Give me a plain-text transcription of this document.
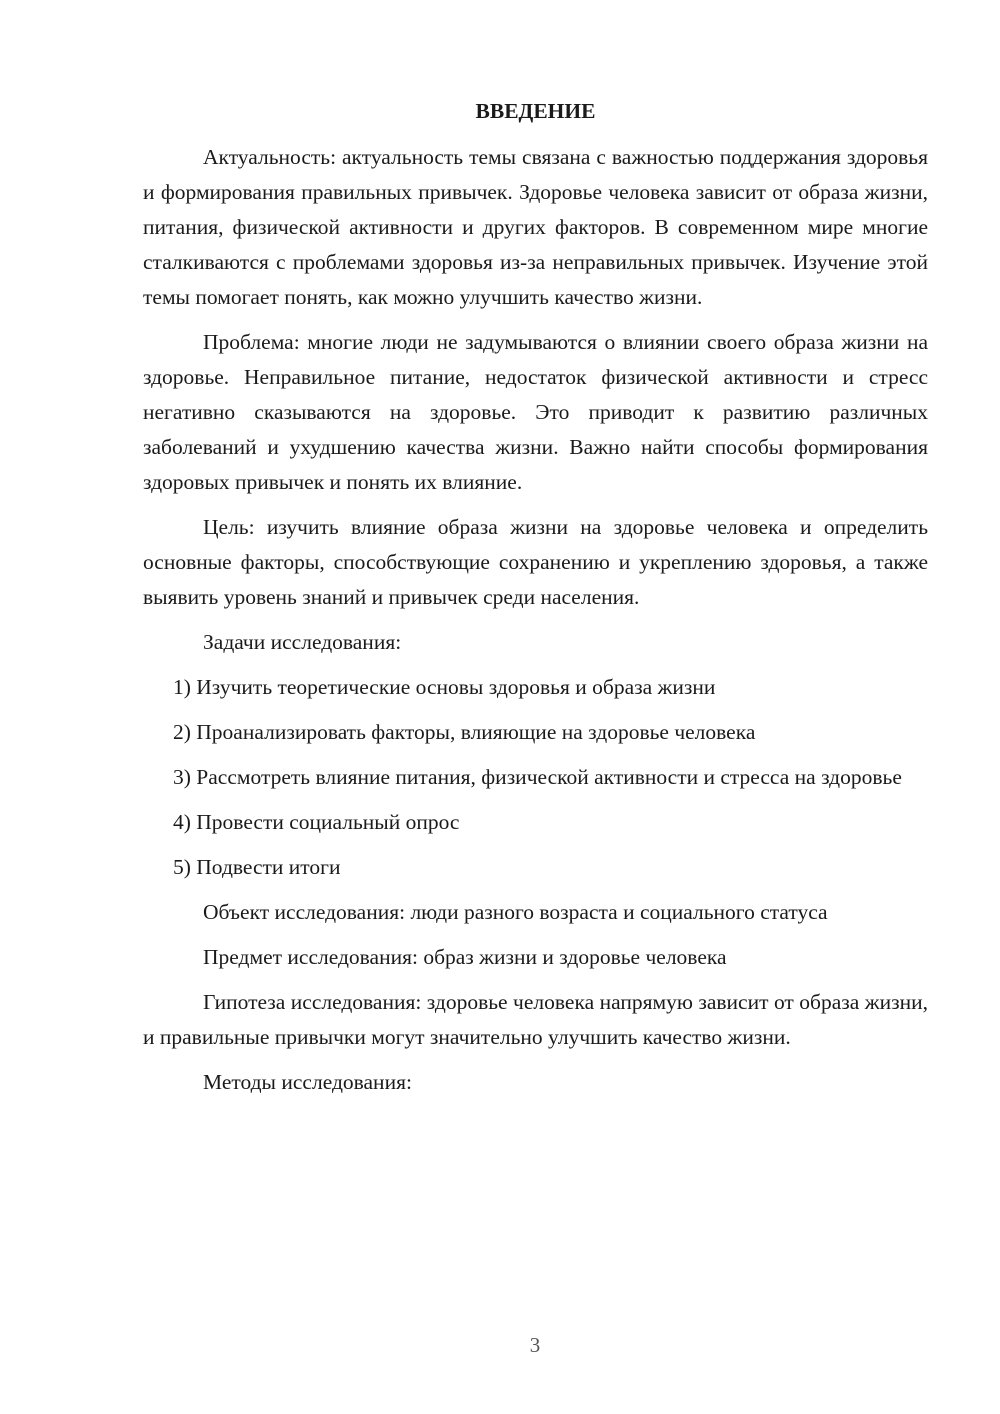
ВВЕДЕНИЕ

Актуальность: актуальность темы связана с важностью поддержания здоровья и формирования правильных привычек. Здоровье человека зависит от образа жизни, питания, физической активности и других факторов. В современном мире многие сталкиваются с проблемами здоровья из-за неправильных привычек. Изучение этой темы помогает понять, как можно улучшить качество жизни.

Проблема: многие люди не задумываются о влиянии своего образа жизни на здоровье. Неправильное питание, недостаток физической активности и стресс негативно сказываются на здоровье. Это приводит к развитию различных заболеваний и ухудшению качества жизни. Важно найти способы формирования здоровых привычек и понять их влияние.

Цель: изучить влияние образа жизни на здоровье человека и определить основные факторы, способствующие сохранению и укреплению здоровья, а также выявить уровень знаний и привычек среди населения.

Задачи исследования:

1) Изучить теоретические основы здоровья и образа жизни

2) Проанализировать факторы, влияющие на здоровье человека

3) Рассмотреть влияние питания, физической активности и стресса на здоровье

4) Провести социальный опрос

5) Подвести итоги

Объект исследования: люди разного возраста и социального статуса

Предмет исследования: образ жизни и здоровье человека

Гипотеза исследования: здоровье человека напрямую зависит от образа жизни, и правильные привычки могут значительно улучшить качество жизни.

Методы исследования:

3
